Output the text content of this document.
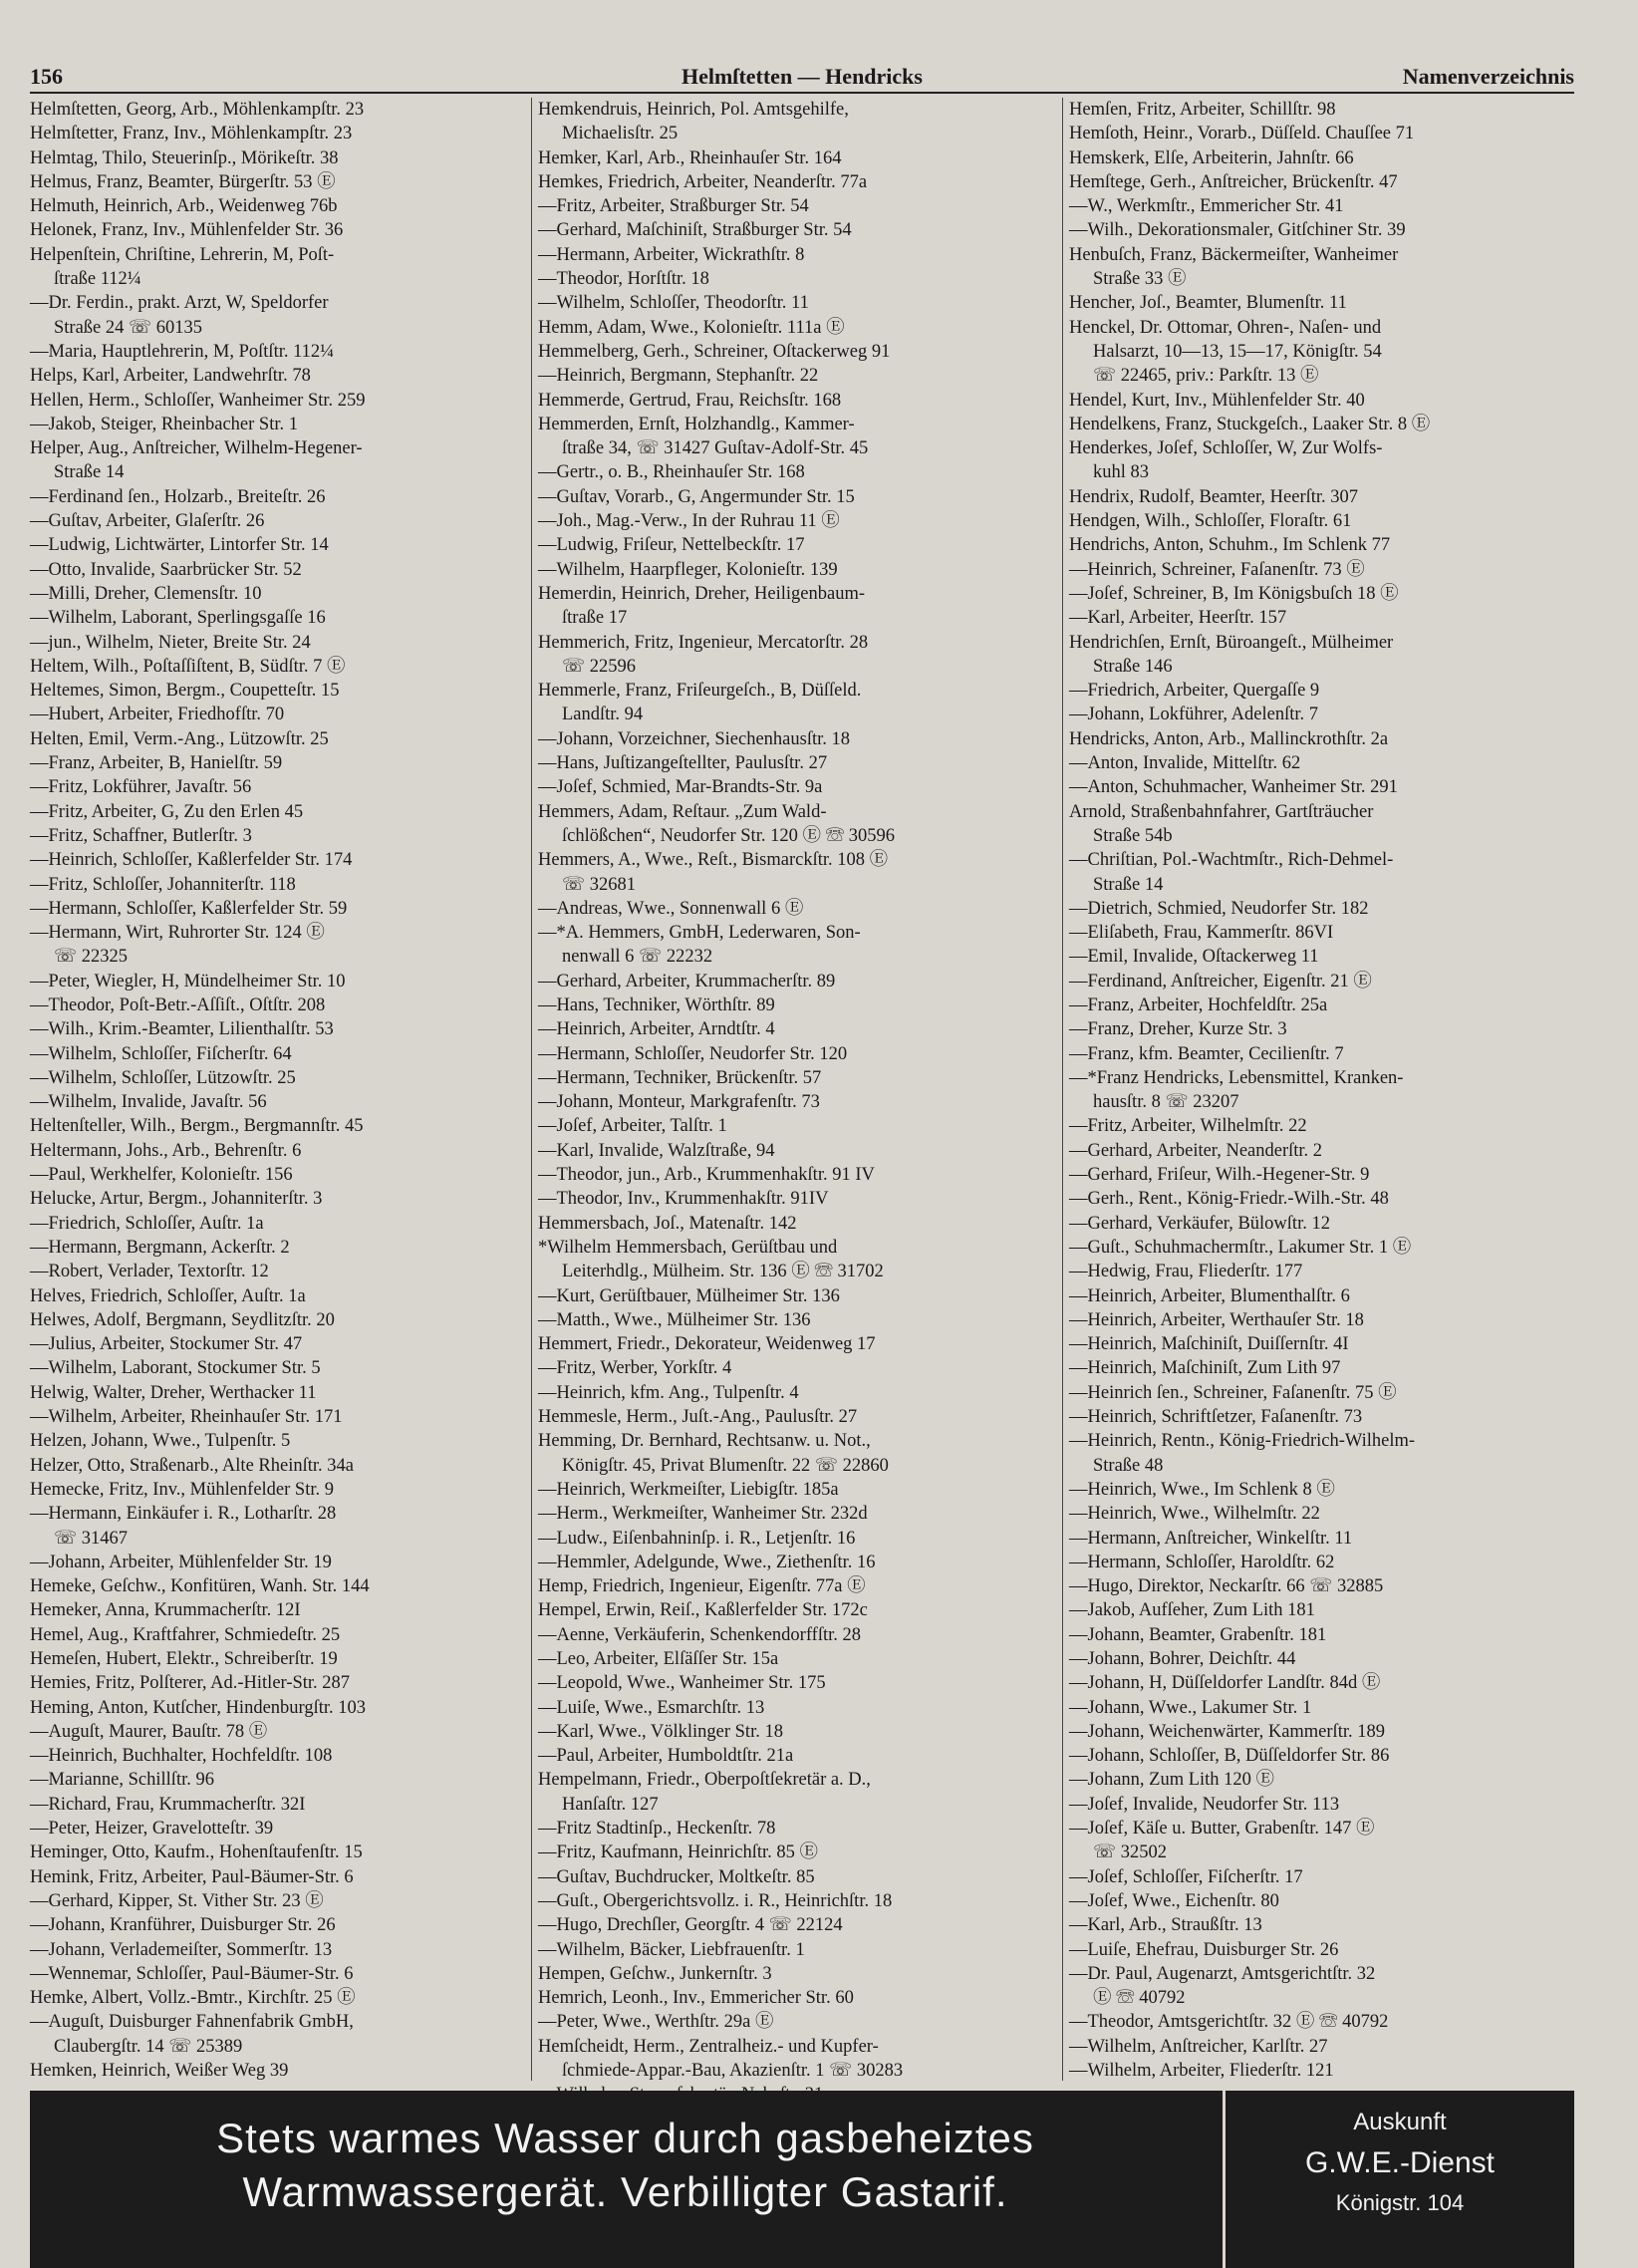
156	Helmſtetten — Hendricks	Namenverzeichnis
Helmſtetten, Georg, Arb., Möhlenkampſtr. 23
Helmſtetter, Franz, Inv., Möhlenkampſtr. 23
Helmtag, Thilo, Steuerinſp., Mörikeſtr. 38
Helmus, Franz, Beamter, Bürgerſtr. 53 Ⓔ
Helmuth, Heinrich, Arb., Weidenweg 76b
Helonek, Franz, Inv., Mühlenfelder Str. 36
Helpenſtein, Chriſtine, Lehrerin, M, Poſt-
ſtraße 112¼
—Dr. Ferdin., prakt. Arzt, W, Speldorfer
Straße 24 ☏ 60135
—Maria, Hauptlehrerin, M, Poſtſtr. 112¼
Helps, Karl, Arbeiter, Landwehrſtr. 78
Hellen, Herm., Schloſſer, Wanheimer Str. 259
—Jakob, Steiger, Rheinbacher Str. 1
Helper, Aug., Anſtreicher, Wilhelm-Hegener-
Straße 14
—Ferdinand ſen., Holzarb., Breiteſtr. 26
—Guſtav, Arbeiter, Glaſerſtr. 26
—Ludwig, Lichtwärter, Lintorfer Str. 14
—Otto, Invalide, Saarbrücker Str. 52
—Milli, Dreher, Clemensſtr. 10
—Wilhelm, Laborant, Sperlingsgaſſe 16
—jun., Wilhelm, Nieter, Breite Str. 24
Heltem, Wilh., Poſtaſſiſtent, B, Südſtr. 7 Ⓔ
Heltemes, Simon, Bergm., Coupetteſtr. 15
—Hubert, Arbeiter, Friedhofſtr. 70
Helten, Emil, Verm.-Ang., Lützowſtr. 25
—Franz, Arbeiter, B, Hanielſtr. 59
—Fritz, Lokführer, Javaſtr. 56
—Fritz, Arbeiter, G, Zu den Erlen 45
—Fritz, Schaffner, Butlerſtr. 3
—Heinrich, Schloſſer, Kaßlerfelder Str. 174
—Fritz, Schloſſer, Johanniterſtr. 118
—Hermann, Schloſſer, Kaßlerfelder Str. 59
—Hermann, Wirt, Ruhrorter Str. 124 Ⓔ
☏ 22325
—Peter, Wiegler, H, Mündelheimer Str. 10
—Theodor, Poſt-Betr.-Aſſiſt., Oſtſtr. 208
—Wilh., Krim.-Beamter, Lilienthalſtr. 53
—Wilhelm, Schloſſer, Fiſcherſtr. 64
—Wilhelm, Schloſſer, Lützowſtr. 25
—Wilhelm, Invalide, Javaſtr. 56
Heltenſteller, Wilh., Bergm., Bergmannſtr. 45
Heltermann, Johs., Arb., Behrenſtr. 6
—Paul, Werkhelfer, Kolonieſtr. 156
Helucke, Artur, Bergm., Johanniterſtr. 3
—Friedrich, Schloſſer, Auſtr. 1a
—Hermann, Bergmann, Ackerſtr. 2
—Robert, Verlader, Textorſtr. 12
Helves, Friedrich, Schloſſer, Auſtr. 1a
Helwes, Adolf, Bergmann, Seydlitzſtr. 20
—Julius, Arbeiter, Stockumer Str. 47
—Wilhelm, Laborant, Stockumer Str. 5
Helwig, Walter, Dreher, Werthacker 11
—Wilhelm, Arbeiter, Rheinhauſer Str. 171
Helzen, Johann, Wwe., Tulpenſtr. 5
Helzer, Otto, Straßenarb., Alte Rheinſtr. 34a
Hemecke, Fritz, Inv., Mühlenfelder Str. 9
—Hermann, Einkäufer i. R., Lotharſtr. 28
☏ 31467
—Johann, Arbeiter, Mühlenfelder Str. 19
Hemeke, Geſchw., Konfitüren, Wanh. Str. 144
Hemeker, Anna, Krummacherſtr. 12I
Hemel, Aug., Kraftfahrer, Schmiedeſtr. 25
Hemeſen, Hubert, Elektr., Schreiberſtr. 19
Hemies, Fritz, Polſterer, Ad.-Hitler-Str. 287
Heming, Anton, Kutſcher, Hindenburgſtr. 103
—Auguſt, Maurer, Bauſtr. 78 Ⓔ
—Heinrich, Buchhalter, Hochfeldſtr. 108
—Marianne, Schillſtr. 96
—Richard, Frau, Krummacherſtr. 32I
—Peter, Heizer, Gravelotteſtr. 39
Heminger, Otto, Kaufm., Hohenſtaufenſtr. 15
Hemink, Fritz, Arbeiter, Paul-Bäumer-Str. 6
—Gerhard, Kipper, St. Vither Str. 23 Ⓔ
—Johann, Kranführer, Duisburger Str. 26
—Johann, Verlademeiſter, Sommerſtr. 13
—Wennemar, Schloſſer, Paul-Bäumer-Str. 6
Hemke, Albert, Vollz.-Bmtr., Kirchſtr. 25 Ⓔ
—Auguſt, Duisburger Fahnenfabrik GmbH,
Claubergſtr. 14 ☏ 25389
Hemken, Heinrich, Weißer Weg 39
Hemkendruis, Heinrich, Pol. Amtsgehilfe,
Michaelisſtr. 25
Hemker, Karl, Arb., Rheinhauſer Str. 164
Hemkes, Friedrich, Arbeiter, Neanderſtr. 77a
—Fritz, Arbeiter, Straßburger Str. 54
—Gerhard, Maſchiniſt, Straßburger Str. 54
—Hermann, Arbeiter, Wickrathſtr. 8
—Theodor, Horſtſtr. 18
—Wilhelm, Schloſſer, Theodorſtr. 11
Hemm, Adam, Wwe., Kolonieſtr. 111a Ⓔ
Hemmelberg, Gerh., Schreiner, Oſtackerweg 91
—Heinrich, Bergmann, Stephanſtr. 22
Hemmerde, Gertrud, Frau, Reichsſtr. 168
Hemmerden, Ernſt, Holzhandlg., Kammer-
ſtraße 34, ☏ 31427 Guſtav-Adolf-Str. 45
—Gertr., o. B., Rheinhauſer Str. 168
—Guſtav, Vorarb., G, Angermunder Str. 15
—Joh., Mag.-Verw., In der Ruhrau 11 Ⓔ
—Ludwig, Friſeur, Nettelbeckſtr. 17
—Wilhelm, Haarpfleger, Kolonieſtr. 139
Hemerdin, Heinrich, Dreher, Heiligenbaum-
ſtraße 17
Hemmerich, Fritz, Ingenieur, Mercatorſtr. 28
☏ 22596
Hemmerle, Franz, Friſeurgeſch., B, Düſſeld.
Landſtr. 94
—Johann, Vorzeichner, Siechenhausſtr. 18
—Hans, Juſtizangeſtellter, Paulusſtr. 27
—Joſef, Schmied, Mar-Brandts-Str. 9a
Hemmers, Adam, Reſtaur. „Zum Wald-
ſchlößchen“, Neudorfer Str. 120 Ⓔ ☏ 30596
Hemmers, A., Wwe., Reſt., Bismarckſtr. 108 Ⓔ
☏ 32681
—Andreas, Wwe., Sonnenwall 6 Ⓔ
—*A. Hemmers, GmbH, Lederwaren, Son-
nenwall 6 ☏ 22232
—Gerhard, Arbeiter, Krummacherſtr. 89
—Hans, Techniker, Wörthſtr. 89
—Heinrich, Arbeiter, Arndtſtr. 4
—Hermann, Schloſſer, Neudorfer Str. 120
—Hermann, Techniker, Brückenſtr. 57
—Johann, Monteur, Markgrafenſtr. 73
—Joſef, Arbeiter, Talſtr. 1
—Karl, Invalide, Walzſtraße, 94
—Theodor, jun., Arb., Krummenhakſtr. 91 IV
—Theodor, Inv., Krummenhakſtr. 91IV
Hemmersbach, Joſ., Matenaſtr. 142
*Wilhelm Hemmersbach, Gerüſtbau und
Leiterhdlg., Mülheim. Str. 136 Ⓔ ☏ 31702
—Kurt, Gerüſtbauer, Mülheimer Str. 136
—Matth., Wwe., Mülheimer Str. 136
Hemmert, Friedr., Dekorateur, Weidenweg 17
—Fritz, Werber, Yorkſtr. 4
—Heinrich, kfm. Ang., Tulpenſtr. 4
Hemmesle, Herm., Juſt.-Ang., Paulusſtr. 27
Hemming, Dr. Bernhard, Rechtsanw. u. Not.,
Königſtr. 45, Privat Blumenſtr. 22 ☏ 22860
—Heinrich, Werkmeiſter, Liebigſtr. 185a
—Herm., Werkmeiſter, Wanheimer Str. 232d
—Ludw., Eiſenbahninſp. i. R., Letjenſtr. 16
—Hemmler, Adelgunde, Wwe., Ziethenſtr. 16
Hemp, Friedrich, Ingenieur, Eigenſtr. 77a Ⓔ
Hempel, Erwin, Reiſ., Kaßlerfelder Str. 172c
—Aenne, Verkäuferin, Schenkendorffſtr. 28
—Leo, Arbeiter, Elſäſſer Str. 15a
—Leopold, Wwe., Wanheimer Str. 175
—Luiſe, Wwe., Esmarchſtr. 13
—Karl, Wwe., Völklinger Str. 18
—Paul, Arbeiter, Humboldtſtr. 21a
Hempelmann, Friedr., Oberpoſtſekretär a. D.,
Hanſaſtr. 127
—Fritz Stadtinſp., Heckenſtr. 78
—Fritz, Kaufmann, Heinrichſtr. 85 Ⓔ
—Guſtav, Buchdrucker, Moltkeſtr. 85
—Guſt., Obergerichtsvollz. i. R., Heinrichſtr. 18
—Hugo, Drechſler, Georgſtr. 4 ☏ 22124
—Wilhelm, Bäcker, Liebfrauenſtr. 1
Hempen, Geſchw., Junkernſtr. 3
Hemrich, Leonh., Inv., Emmericher Str. 60
—Peter, Wwe., Werthſtr. 29a Ⓔ
Hemſcheidt, Herm., Zentralheiz.- und Kupfer-
ſchmiede-Appar.-Bau, Akazienſtr. 1 ☏ 30283
Hemſen, Fritz, Arbeiter, Schillſtr. 98
Hemſoth, Heinr., Vorarb., Düſſeld. Chauſſee 71
Hemskerk, Elſe, Arbeiterin, Jahnſtr. 66
Hemſtege, Gerh., Anſtreicher, Brückenſtr. 47
—W., Werkmſtr., Emmericher Str. 41
—Wilh., Dekorationsmaler, Gitſchiner Str. 39
Henbuſch, Franz, Bäckermeiſter, Wanheimer
Straße 33 Ⓔ
Hencher, Joſ., Beamter, Blumenſtr. 11
Henckel, Dr. Ottomar, Ohren-, Naſen- und
Halsarzt, 10—13, 15—17, Königſtr. 54
☏ 22465, priv.: Parkſtr. 13 Ⓔ
Hendel, Kurt, Inv., Mühlenfelder Str. 40
Hendelkens, Franz, Stuckgeſch., Laaker Str. 8 Ⓔ
Henderkes, Joſef, Schloſſer, W, Zur Wolfs-
kuhl 83
Hendrix, Rudolf, Beamter, Heerſtr. 307
Hendgen, Wilh., Schloſſer, Floraſtr. 61
Hendrichs, Anton, Schuhm., Im Schlenk 77
—Heinrich, Schreiner, Faſanenſtr. 73 Ⓔ
—Joſef, Schreiner, B, Im Königsbuſch 18 Ⓔ
—Karl, Arbeiter, Heerſtr. 157
Hendrichſen, Ernſt, Büroangeſt., Mülheimer
Straße 146
—Friedrich, Arbeiter, Quergaſſe 9
—Johann, Lokführer, Adelenſtr. 7
Hendricks, Anton, Arb., Mallinckrothſtr. 2a
—Anton, Invalide, Mittelſtr. 62
—Anton, Schuhmacher, Wanheimer Str. 291
Arnold, Straßenbahnfahrer, Gartſträucher
Straße 54b
—Chriſtian, Pol.-Wachtmſtr., Rich-Dehmel-
Straße 14
—Dietrich, Schmied, Neudorfer Str. 182
—Eliſabeth, Frau, Kammerſtr. 86VI
—Emil, Invalide, Oſtackerweg 11
—Ferdinand, Anſtreicher, Eigenſtr. 21 Ⓔ
—Franz, Arbeiter, Hochfeldſtr. 25a
—Franz, Dreher, Kurze Str. 3
—Franz, kfm. Beamter, Cecilienſtr. 7
—*Franz Hendricks, Lebensmittel, Kranken-
hausſtr. 8 ☏ 23207
—Fritz, Arbeiter, Wilhelmſtr. 22
—Gerhard, Arbeiter, Neanderſtr. 2
—Gerhard, Friſeur, Wilh.-Hegener-Str. 9
—Gerh., Rent., König-Friedr.-Wilh.-Str. 48
—Gerhard, Verkäufer, Bülowſtr. 12
—Guſt., Schuhmachermſtr., Lakumer Str. 1 Ⓔ
—Hedwig, Frau, Fliederſtr. 177
—Heinrich, Arbeiter, Blumenthalſtr. 6
—Heinrich, Arbeiter, Werthauſer Str. 18
—Heinrich, Maſchiniſt, Duiſſernſtr. 4I
—Heinrich, Maſchiniſt, Zum Lith 97
—Heinrich ſen., Schreiner, Faſanenſtr. 75 Ⓔ
—Heinrich, Schriftſetzer, Faſanenſtr. 73
—Heinrich, Rentn., König-Friedrich-Wilhelm-
Straße 48
—Heinrich, Wwe., Im Schlenk 8 Ⓔ
—Heinrich, Wwe., Wilhelmſtr. 22
—Hermann, Anſtreicher, Winkelſtr. 11
—Hermann, Schloſſer, Haroldſtr. 62
—Hugo, Direktor, Neckarſtr. 66 ☏ 32885
—Jakob, Aufſeher, Zum Lith 181
—Johann, Beamter, Grabenſtr. 181
—Johann, Bohrer, Deichſtr. 44
—Johann, H, Düſſeldorfer Landſtr. 84d Ⓔ
—Johann, Wwe., Lakumer Str. 1
—Johann, Weichenwärter, Kammerſtr. 189
—Johann, Schloſſer, B, Düſſeldorfer Str. 86
—Johann, Zum Lith 120 Ⓔ
—Joſef, Invalide, Neudorfer Str. 113
—Joſef, Käſe u. Butter, Grabenſtr. 147 Ⓔ
☏ 32502
—Joſef, Schloſſer, Fiſcherſtr. 17
—Joſef, Wwe., Eichenſtr. 80
—Karl, Arb., Straußſtr. 13
—Luiſe, Ehefrau, Duisburger Str. 26
—Dr. Paul, Augenarzt, Amtsgerichtſtr. 32
Ⓔ ☏ 40792
—Theodor, Amtsgerichtſtr. 32 Ⓔ ☏ 40792
—Wilhelm, Anſtreicher, Karlſtr. 27
—Wilhelm, Arbeiter, Fliederſtr. 121
Stets warmes Wasser durch gasbeheiztes
Warmwassergerät. Verbilligter Gastarif.
Auskunft
G.W.E.-Dienst
Königstr. 104
